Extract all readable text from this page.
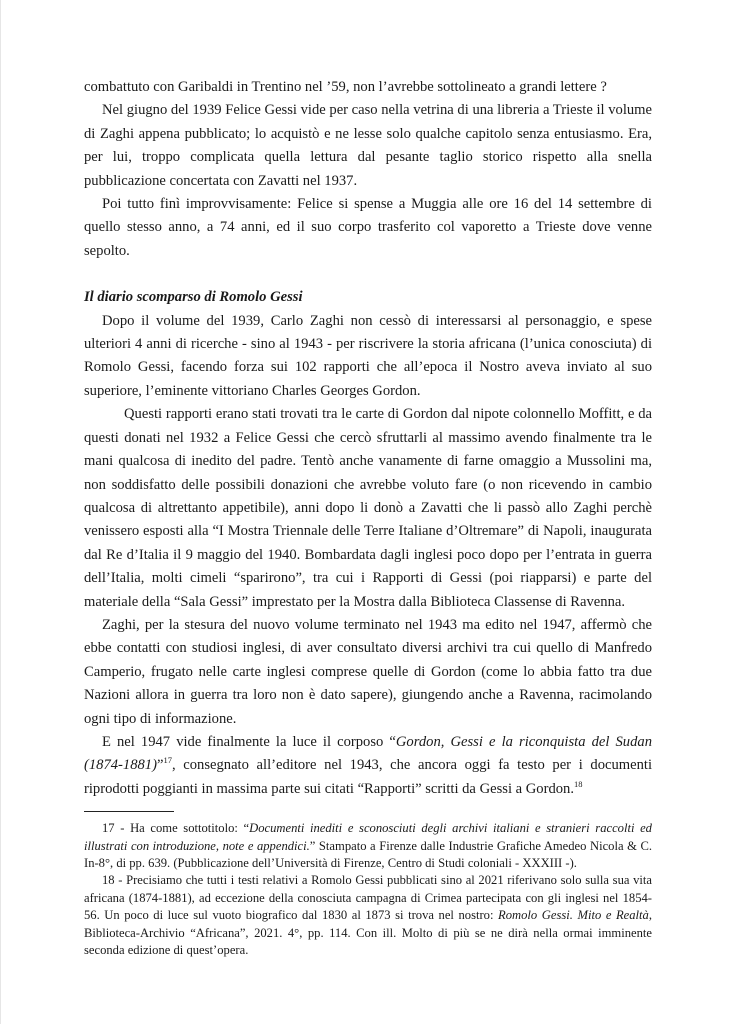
combattuto con Garibaldi in Trentino nel ’59, non l’avrebbe sottolineato a grandi lettere ?

Nel giugno del 1939 Felice Gessi vide per caso nella vetrina di una libreria a Trieste il volume di Zaghi appena pubblicato; lo acquistò e ne lesse solo qualche capitolo senza entusiasmo. Era, per lui, troppo complicata quella lettura dal pesante taglio storico rispetto alla snella pubblicazione concertata con Zavatti nel 1937.

Poi tutto finì improvvisamente: Felice si spense a Muggia alle ore 16 del 14 settembre di quello stesso anno, a 74 anni, ed il suo corpo trasferito col vaporetto a Trieste dove venne sepolto.

Il diario scomparso di Romolo Gessi

Dopo il volume del 1939, Carlo Zaghi non cessò di interessarsi al personaggio, e spese ulteriori 4 anni di ricerche - sino al 1943 - per riscrivere la storia africana (l’unica conosciuta) di Romolo Gessi, facendo forza sui 102 rapporti che all’epoca il Nostro aveva inviato al suo superiore, l’eminente vittoriano Charles Georges Gordon.

Questi rapporti erano stati trovati tra le carte di Gordon dal nipote colonnello Moffitt, e da questi donati nel 1932 a Felice Gessi che cercò sfruttarli al massimo avendo finalmente tra le mani qualcosa di inedito del padre. Tentò anche vanamente di farne omaggio a Mussolini ma, non soddisfatto delle possibili donazioni che avrebbe voluto fare (o non ricevendo in cambio qualcosa di altrettanto appetibile), anni dopo li donò a Zavatti che li passò allo Zaghi perchè venissero esposti alla “I Mostra Triennale delle Terre Italiane d’Oltremare” di Napoli, inaugurata dal Re d’Italia il 9 maggio del 1940. Bombardata dagli inglesi poco dopo per l’entrata in guerra dell’Italia, molti cimeli “sparirono”, tra cui i Rapporti di Gessi (poi riapparsi) e parte del materiale della “Sala Gessi” imprestato per la Mostra dalla Biblioteca Classense di Ravenna.

Zaghi, per la stesura del nuovo volume terminato nel 1943 ma edito nel 1947, affermò che ebbe contatti con studiosi inglesi, di aver consultato diversi archivi tra cui quello di Manfredo Camperio, frugato nelle carte inglesi comprese quelle di Gordon (come lo abbia fatto tra due Nazioni allora in guerra tra loro non è dato sapere), giungendo anche a Ravenna, racimolando ogni tipo di informazione.

E nel 1947 vide finalmente la luce il corposo “Gordon, Gessi e la riconquista del Sudan (1874-1881)”$^{17}$, consegnato all’editore nel 1943, che ancora oggi fa testo per i documenti riprodotti poggianti in massima parte sui citati “Rapporti” scritti da Gessi a Gordon.$^{18}$

17 - Ha come sottotitolo: “Documenti inediti e sconosciuti degli archivi italiani e stranieri raccolti ed illustrati con introduzione, note e appendici.” Stampato a Firenze dalle Industrie Grafiche Amedeo Nicola & C. In-8°, di pp. 639. (Pubblicazione dell’Università di Firenze, Centro di Studi coloniali - XXXIII -).

18 - Precisiamo che tutti i testi relativi a Romolo Gessi pubblicati sino al 2021 riferivano solo sulla sua vita africana (1874-1881), ad eccezione della conosciuta campagna di Crimea partecipata con gli inglesi nel 1854-56. Un poco di luce sul vuoto biografico dal 1830 al 1873 si trova nel nostro: Romolo Gessi. Mito e Realtà, Biblioteca-Archivio “Africana”, 2021. 4°, pp. 114. Con ill. Molto di più se ne dirà nella ormai imminente seconda edizione di quest’opera.
